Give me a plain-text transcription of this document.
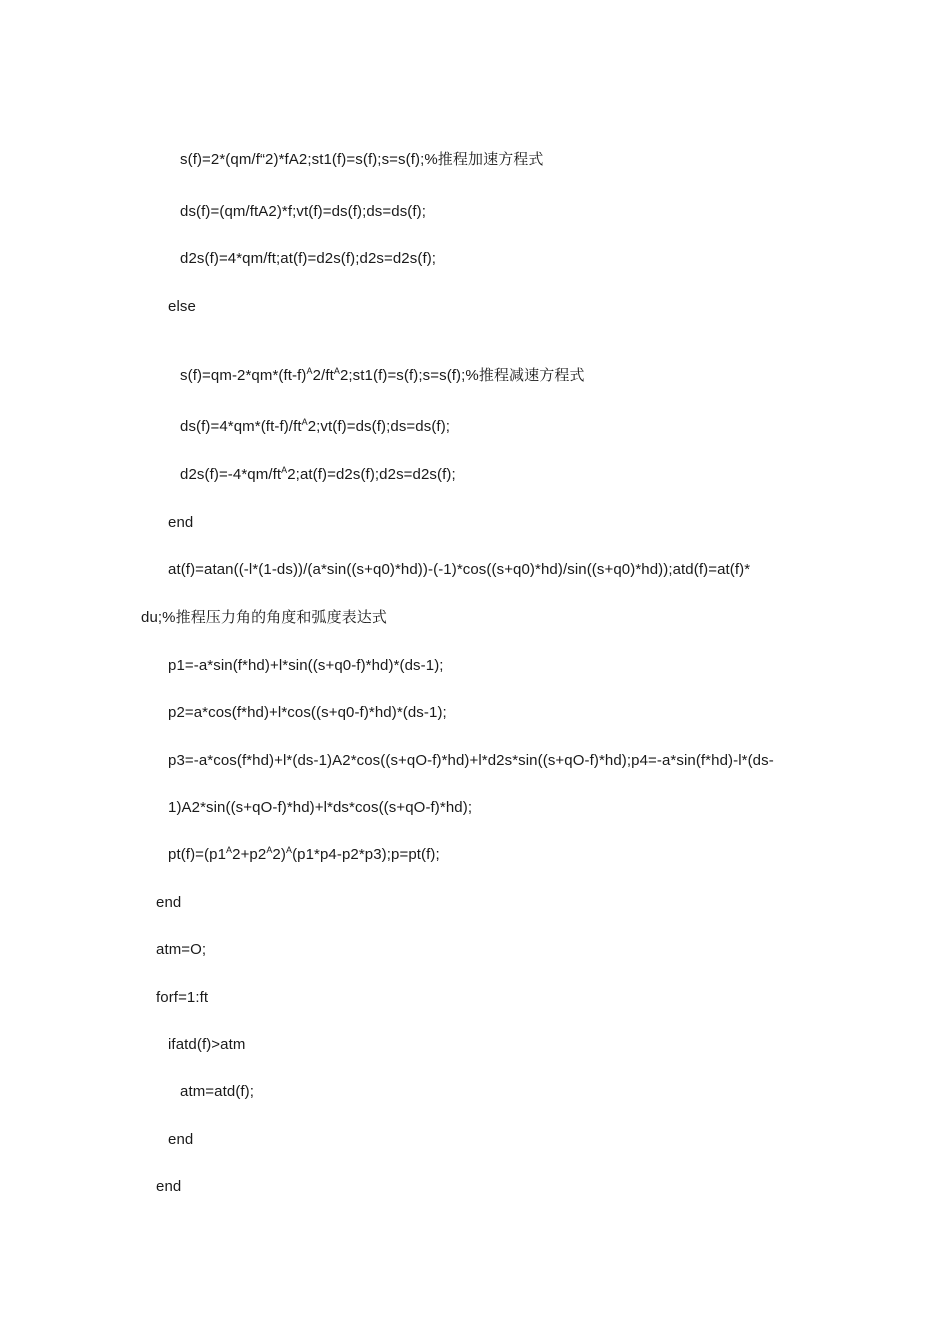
s(f)=2*(qm/f“2)*fA2;st1(f)=s(f);s=s(f);%推程加速方程式
ds(f)=(qm/ftA2)*f;vt(f)=ds(f);ds=ds(f);
d2s(f)=4*qm/ft;at(f)=d2s(f);d2s=d2s(f);
else
$s(f)=qm-2*qm*(ft-f)^A2/ft^A2;st1(f)=s(f);s=s(f);\%$推程减速方程式
$ds(f)=4*qm*(ft-f)/ft^A2;vt(f)=ds(f);ds=ds(f)$;
$d2s(f)=-4*qm/ft^A2;at(f)=d2s(f);d2s=d2s(f)$;
end
at(f)=atan((-l*(1-ds))/(a*sin((s+q0)*hd))-(-1)*cos((s+q0)*hd)/sin((s+q0)*hd));atd(f)=at(f)*
du;%推程压力角的角度和弧度表达式
p1=-a*sin(f*hd)+l*sin((s+q0-f)*hd)*(ds-1);
p2=a*cos(f*hd)+l*cos((s+q0-f)*hd)*(ds-1);
p3=-a*cos(f*hd)+l*(ds-1)A2*cos((s+qO-f)*hd)+l*d2s*sin((s+qO-f)*hd);p4=-a*sin(f*hd)-l*(ds-
1)A2*sin((s+qO-f)*hd)+l*ds*cos((s+qO-f)*hd);
$pt(f)=(p1^A2+p2^A2)^A(p1*p4-p2*p3);p=pt(f)$;
end
atm=O;
forf=1:ft
ifatd(f)>atm
atm=atd(f);
end
end
